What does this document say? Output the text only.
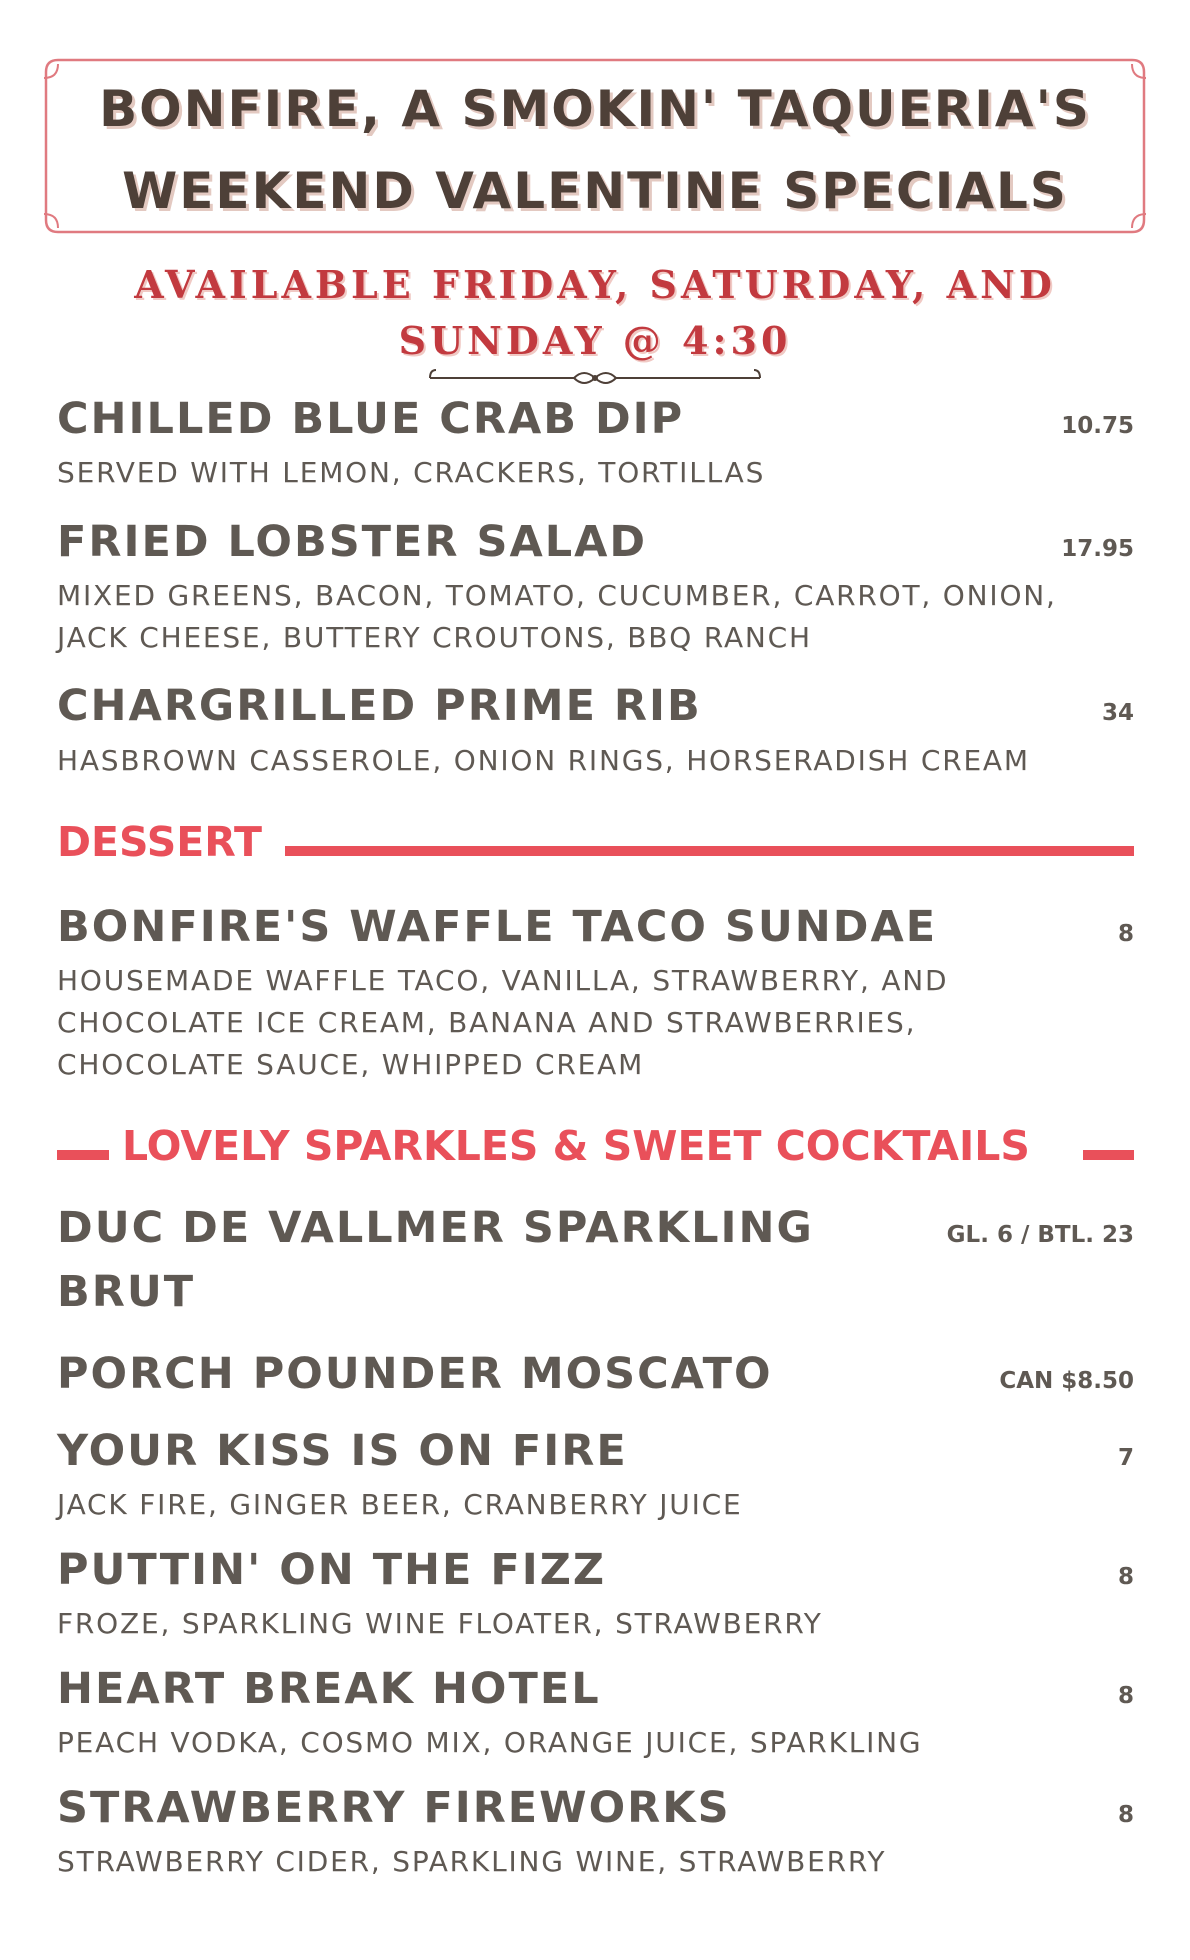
BONFIRE, A SMOKIN' TAQUERIA'S
WEEKEND VALENTINE SPECIALS
AVAILABLE FRIDAY, SATURDAY, AND
SUNDAY @ 4:30
CHILLED BLUE CRAB DIP	10.75
SERVED WITH LEMON, CRACKERS, TORTILLAS
FRIED LOBSTER SALAD	17.95
MIXED GREENS, BACON, TOMATO, CUCUMBER, CARROT, ONION,
JACK CHEESE, BUTTERY CROUTONS, BBQ RANCH
CHARGRILLED PRIME RIB	34
HASBROWN CASSEROLE, ONION RINGS, HORSERADISH CREAM
DESSERT
BONFIRE'S WAFFLE TACO SUNDAE	8
HOUSEMADE WAFFLE TACO, VANILLA, STRAWBERRY, AND
CHOCOLATE ICE CREAM, BANANA AND STRAWBERRIES,
CHOCOLATE SAUCE, WHIPPED CREAM
LOVELY SPARKLES & SWEET COCKTAILS
DUC DE VALLMER SPARKLING	GL. 6 / BTL. 23
BRUT
PORCH POUNDER MOSCATO	CAN $8.50
YOUR KISS IS ON FIRE	7
JACK FIRE, GINGER BEER, CRANBERRY JUICE
PUTTIN' ON THE FIZZ	8
FROZE, SPARKLING WINE FLOATER, STRAWBERRY
HEART BREAK HOTEL	8
PEACH VODKA, COSMO MIX, ORANGE JUICE, SPARKLING
STRAWBERRY FIREWORKS	8
STRAWBERRY CIDER, SPARKLING WINE, STRAWBERRY
